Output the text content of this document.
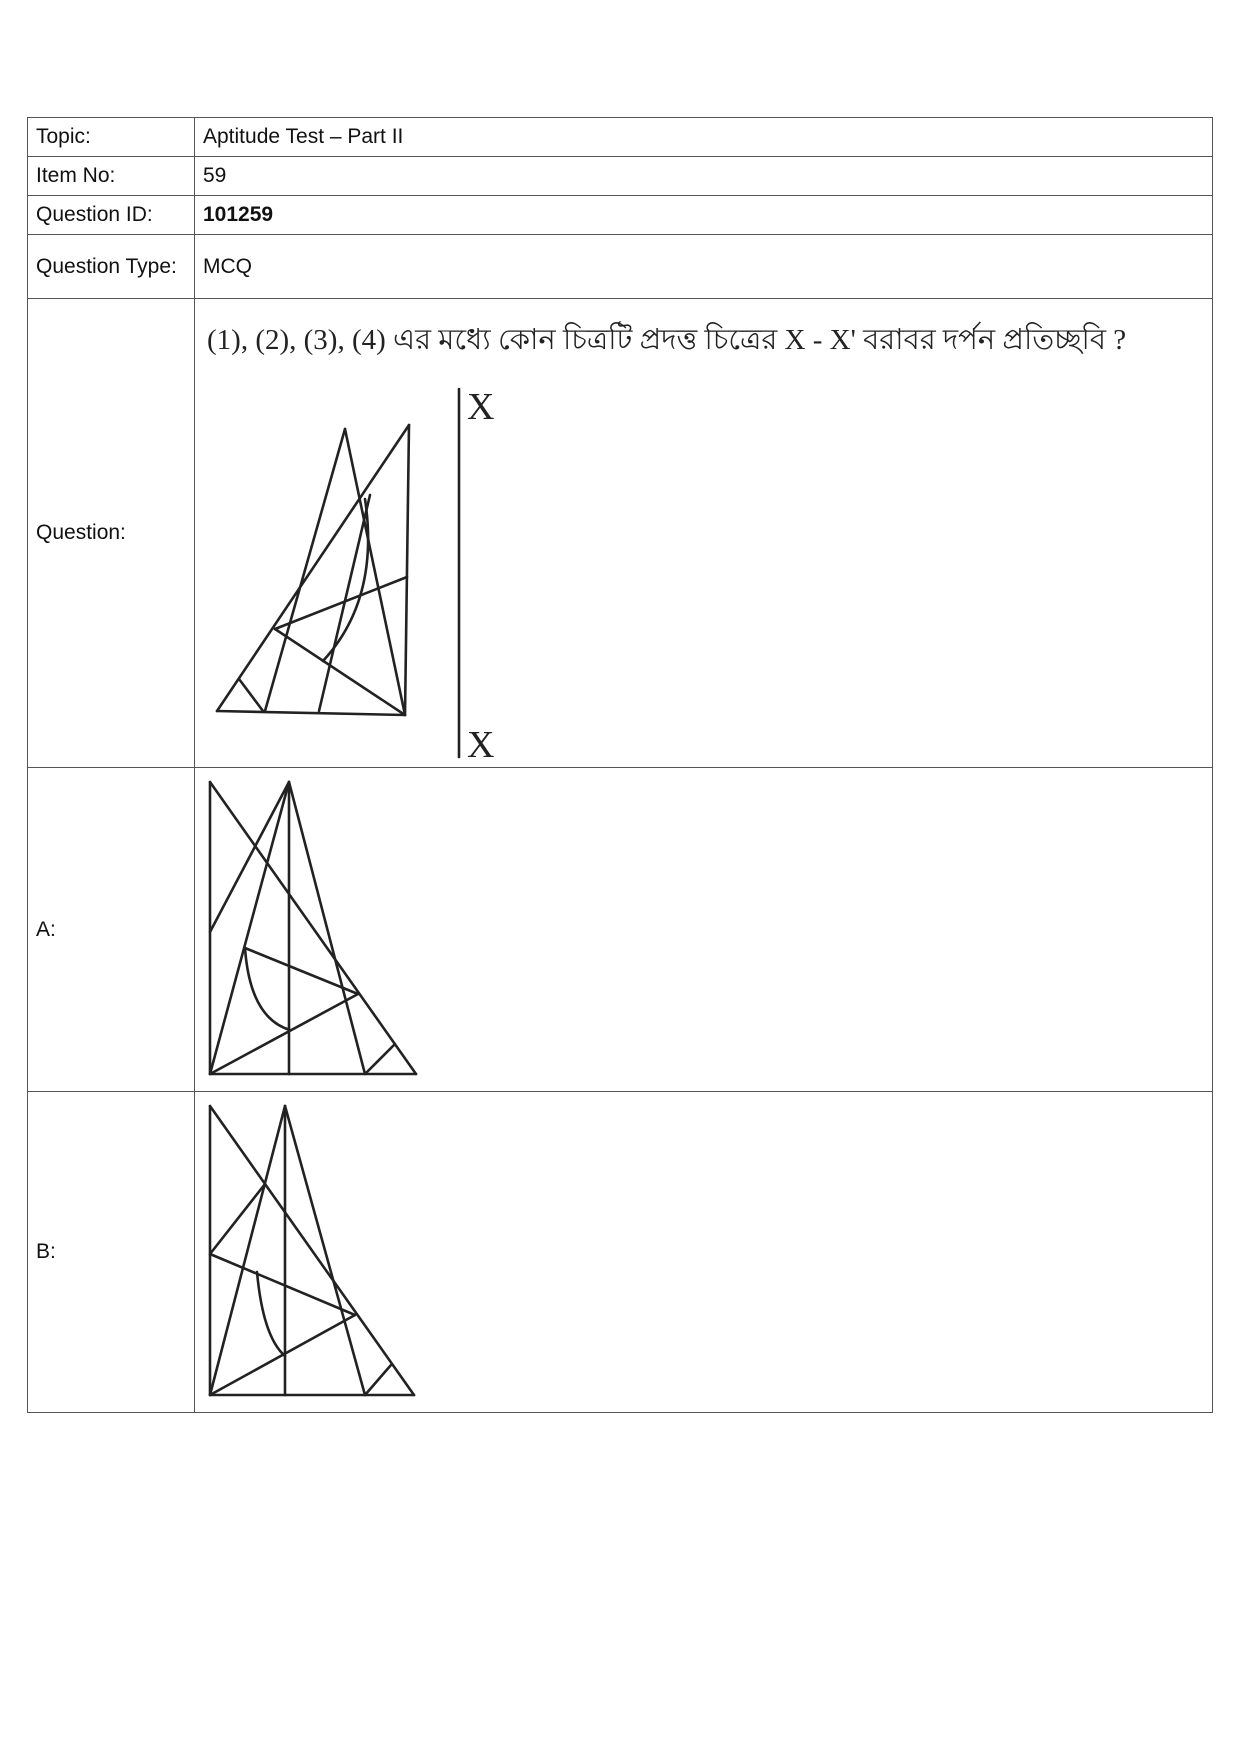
Topic:	Aptitude Test – Part II
Item No:	59
Question ID:	101259
Question Type:	MCQ
Question:	(1), (2), (3), (4) এর মধ্যে কোন চিত্রটি প্রদত্ত চিত্রের X - X' বরাবর দর্পন প্রতিচ্ছবি ?
X
X

A:	

B:	
